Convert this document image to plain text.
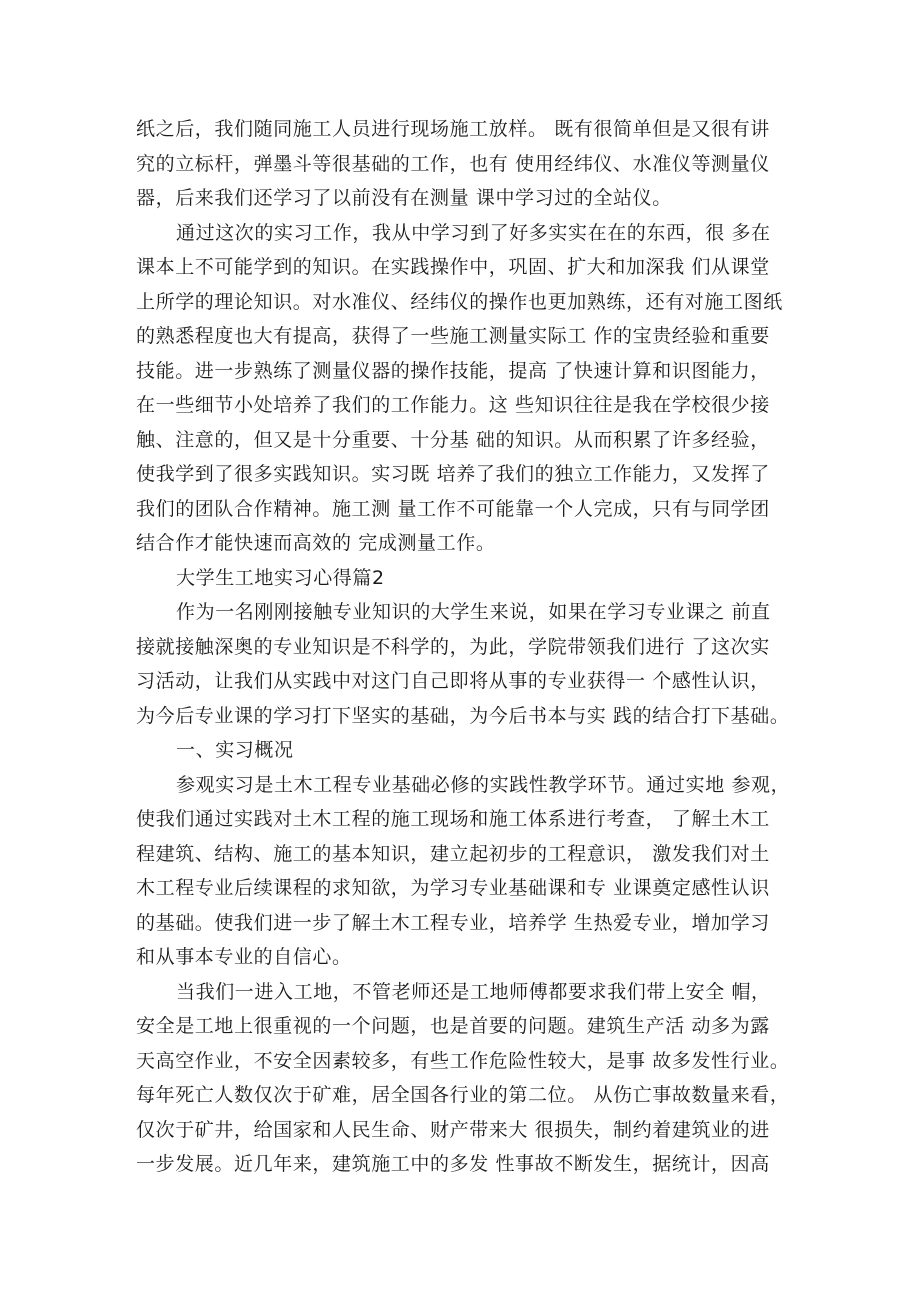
纸之后，我们随同施工人员进行现场施工放样。 既有很简单但是又很有讲
究的立标杆，弹墨斗等很基础的工作，也有 使用经纬仪、水准仪等测量仪
器，后来我们还学习了以前没有在测量 课中学习过的全站仪。
通过这次的实习工作，我从中学习到了好多实实在在的东西，很 多在
课本上不可能学到的知识。在实践操作中，巩固、扩大和加深我 们从课堂
上所学的理论知识。对水准仪、经纬仪的操作也更加熟练，还有对施工图纸
的熟悉程度也大有提高，获得了一些施工测量实际工 作的宝贵经验和重要
技能。进一步熟练了测量仪器的操作技能，提高 了快速计算和识图能力，
在一些细节小处培养了我们的工作能力。这 些知识往往是我在学校很少接
触、注意的，但又是十分重要、十分基 础的知识。从而积累了许多经验，
使我学到了很多实践知识。实习既 培养了我们的独立工作能力，又发挥了
我们的团队合作精神。施工测 量工作不可能靠一个人完成，只有与同学团
结合作才能快速而高效的 完成测量工作。
大学生工地实习心得篇2
作为一名刚刚接触专业知识的大学生来说，如果在学习专业课之 前直
接就接触深奥的专业知识是不科学的，为此，学院带领我们进行 了这次实
习活动，让我们从实践中对这门自己即将从事的专业获得一 个感性认识，
为今后专业课的学习打下坚实的基础，为今后书本与实 践的结合打下基础。
一、实习概况
参观实习是土木工程专业基础必修的实践性教学环节。通过实地 参观，
使我们通过实践对土木工程的施工现场和施工体系进行考查， 了解土木工
程建筑、结构、施工的基本知识，建立起初步的工程意识， 激发我们对土
木工程专业后续课程的求知欲，为学习专业基础课和专 业课奠定感性认识
的基础。使我们进一步了解土木工程专业，培养学 生热爱专业，增加学习
和从事本专业的自信心。
当我们一进入工地，不管老师还是工地师傅都要求我们带上安全 帽，
安全是工地上很重视的一个问题，也是首要的问题。建筑生产活 动多为露
天高空作业，不安全因素较多，有些工作危险性较大，是事 故多发性行业。
每年死亡人数仅次于矿难，居全国各行业的第二位。 从伤亡事故数量来看，
仅次于矿井，给国家和人民生命、财产带来大 很损失，制约着建筑业的进
一步发展。近几年来，建筑施工中的多发 性事故不断发生，据统计，因高
